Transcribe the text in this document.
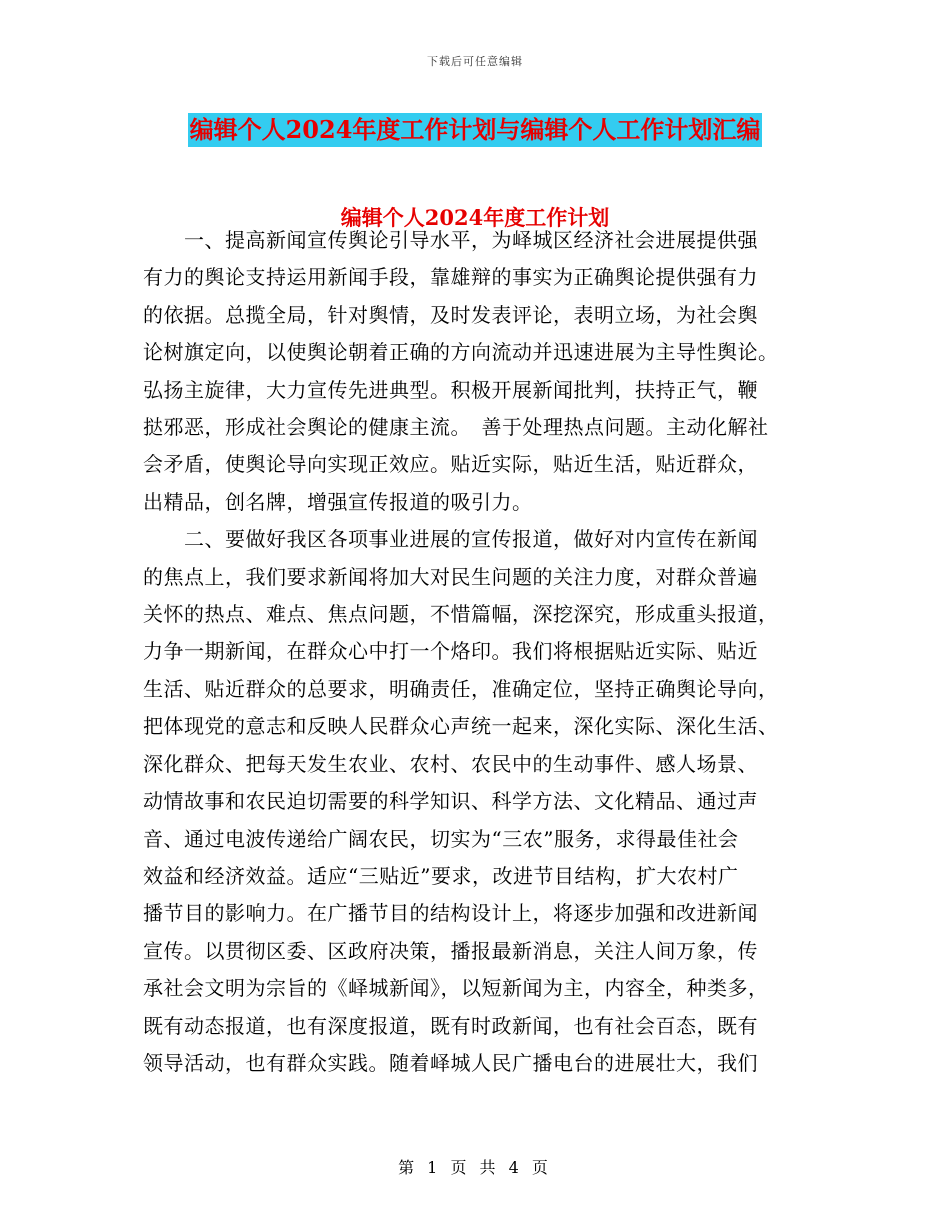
下载后可任意编辑
编辑个人2024年度工作计划与编辑个人工作计划汇编
编辑个人2024年度工作计划

　　一、提高新闻宣传舆论引导水平，为峄城区经济社会进展提供强
有力的舆论支持运用新闻手段，靠雄辩的事实为正确舆论提供强有力
的依据。总揽全局，针对舆情，及时发表评论，表明立场，为社会舆
论树旗定向，以使舆论朝着正确的方向流动并迅速进展为主导性舆论。
弘扬主旋律，大力宣传先进典型。积极开展新闻批判，扶持正气，鞭
挞邪恶，形成社会舆论的健康主流。　善于处理热点问题。主动化解社
会矛盾，使舆论导向实现正效应。贴近实际，贴近生活，贴近群众，
出精品，创名牌，增强宣传报道的吸引力。

　　二、要做好我区各项事业进展的宣传报道，做好对内宣传在新闻
的焦点上，我们要求新闻将加大对民生问题的关注力度，对群众普遍
关怀的热点、难点、焦点问题，不惜篇幅，深挖深究，形成重头报道，
力争一期新闻，在群众心中打一个烙印。我们将根据贴近实际、贴近
生活、贴近群众的总要求，明确责任，准确定位，坚持正确舆论导向，
把体现党的意志和反映人民群众心声统一起来，深化实际、深化生活、
深化群众、把每天发生农业、农村、农民中的生动事件、感人场景、
动情故事和农民迫切需要的科学知识、科学方法、文化精品、通过声
音、通过电波传递给广阔农民，切实为“三农”服务，求得最佳社会
效益和经济效益。适应“三贴近”要求，改进节目结构，扩大农村广
播节目的影响力。在广播节目的结构设计上，将逐步加强和改进新闻
宣传。以贯彻区委、区政府决策，播报最新消息，关注人间万象，传
承社会文明为宗旨的《峄城新闻》，以短新闻为主，内容全，种类多，
既有动态报道，也有深度报道，既有时政新闻，也有社会百态，既有
领导活动，也有群众实践。随着峄城人民广播电台的进展壮大，我们

第 1 页 共 4 页
